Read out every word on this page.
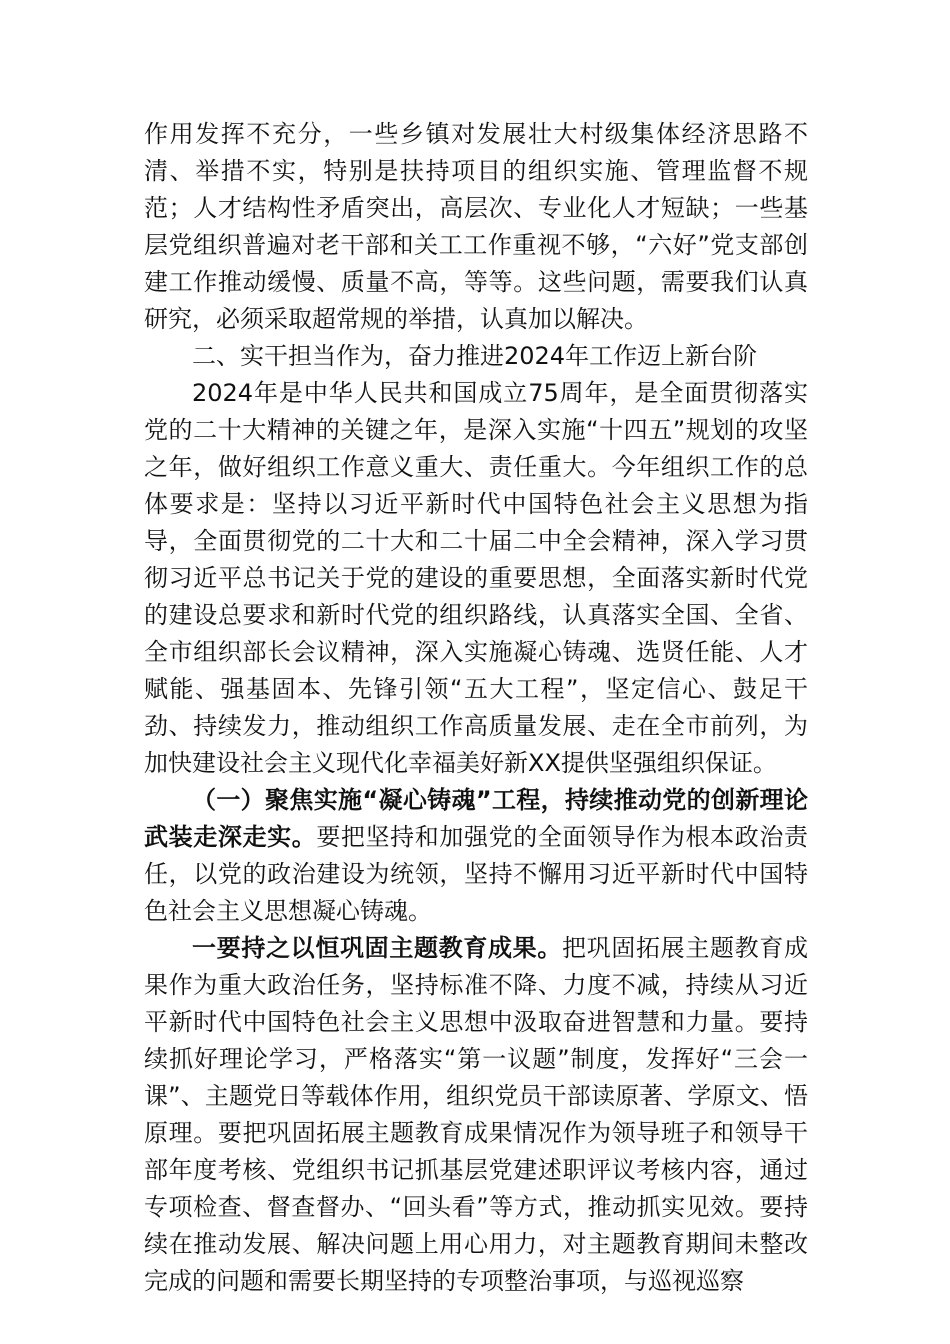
作用发挥不充分，一些乡镇对发展壮大村级集体经济思路不清、举措不实，特别是扶持项目的组织实施、管理监督不规范；人才结构性矛盾突出，高层次、专业化人才短缺；一些基层党组织普遍对老干部和关工工作重视不够，“六好”党支部创建工作推动缓慢、质量不高，等等。这些问题，需要我们认真研究，必须采取超常规的举措，认真加以解决。

二、实干担当作为，奋力推进2024年工作迈上新台阶

2024年是中华人民共和国成立75周年，是全面贯彻落实党的二十大精神的关键之年，是深入实施“十四五”规划的攻坚之年，做好组织工作意义重大、责任重大。今年组织工作的总体要求是：坚持以习近平新时代中国特色社会主义思想为指导，全面贯彻党的二十大和二十届二中全会精神，深入学习贯彻习近平总书记关于党的建设的重要思想，全面落实新时代党的建设总要求和新时代党的组织路线，认真落实全国、全省、全市组织部长会议精神，深入实施凝心铸魂、选贤任能、人才赋能、强基固本、先锋引领“五大工程”，坚定信心、鼓足干劲、持续发力，推动组织工作高质量发展、走在全市前列，为加快建设社会主义现代化幸福美好新XX提供坚强组织保证。

（一）聚焦实施“凝心铸魂”工程，持续推动党的创新理论武装走深走实。要把坚持和加强党的全面领导作为根本政治责任，以党的政治建设为统领，坚持不懈用习近平新时代中国特色社会主义思想凝心铸魂。

一要持之以恒巩固主题教育成果。把巩固拓展主题教育成果作为重大政治任务，坚持标准不降、力度不减，持续从习近平新时代中国特色社会主义思想中汲取奋进智慧和力量。要持续抓好理论学习，严格落实“第一议题”制度，发挥好“三会一课”、主题党日等载体作用，组织党员干部读原著、学原文、悟原理。要把巩固拓展主题教育成果情况作为领导班子和领导干部年度考核、党组织书记抓基层党建述职评议考核内容，通过专项检查、督查督办、“回头看”等方式，推动抓实见效。要持续在推动发展、解决问题上用心用力，对主题教育期间未整改完成的问题和需要长期坚持的专项整治事项，与巡视巡察
